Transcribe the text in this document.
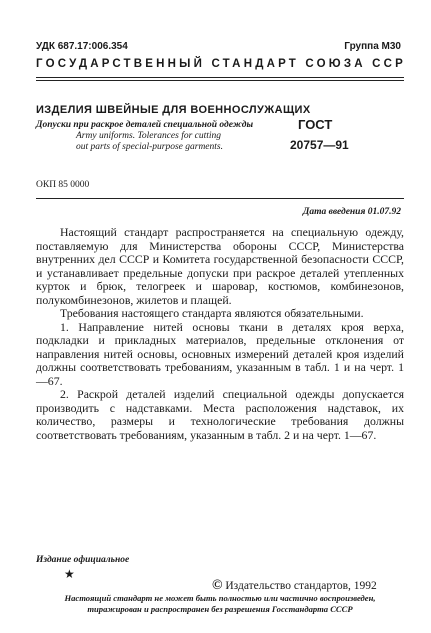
УДК 687.17:006.354	Группа М30
ГОСУДАРСТВЕННЫЙ СТАНДАРТ СОЮЗА ССР
ИЗДЕЛИЯ ШВЕЙНЫЕ ДЛЯ ВОЕННОСЛУЖАЩИХ
Допуски при раскрое деталей специальной одежды
Army uniforms. Tolerances for cutting
out parts of special-purpose garments.
ГОСТ
20757—91
ОКП 85 0000
Дата введения 01.07.92

Настоящий стандарт распространяется на специальную одежду, поставляемую для Министерства обороны СССР, Министерства внутренних дел СССР и Комитета государственной безопасности СССР, и устанавливает предельные допуски при раскрое деталей утепленных курток и брюк, телогреек и шаровар, костюмов, комбинезонов, полукомбинезонов, жилетов и плащей.

Требования настоящего стандарта являются обязательными.

1. Направление нитей основы ткани в деталях кроя верха, подкладки и прикладных материалов, предельные отклонения от направления нитей основы, основных измерений деталей кроя изделий должны соответствовать требованиям, указанным в табл. 1 и на черт. 1—67.

2. Раскрой деталей изделий специальной одежды допускается производить с надставками. Места расположения надставок, их количество, размеры и технологические требования должны соответствовать требованиям, указанным в табл. 2 и на черт. 1—67.

Издание официальное
★
© Издательство стандартов, 1992
Настоящий стандарт не может быть полностью или частично воспроизведен,
тиражирован и распространен без разрешения Госстандарта СССР
